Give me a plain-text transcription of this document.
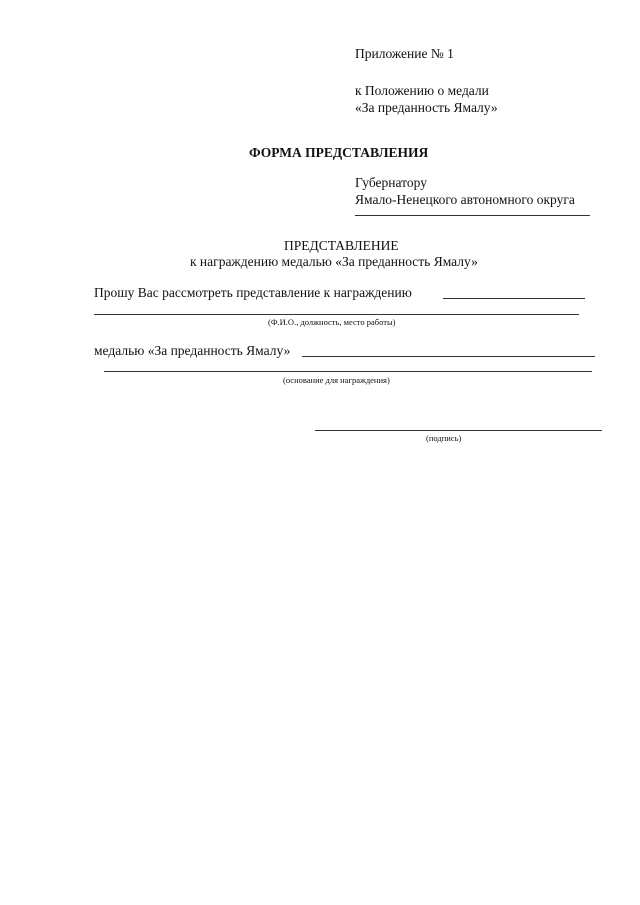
Приложение № 1
к Положению о медали
«За преданность Ямалу»
ФОРМА ПРЕДСТАВЛЕНИЯ
Губернатору
Ямало-Ненецкого автономного округа
ПРЕДСТАВЛЕНИЕ
к награждению медалью «За преданность Ямалу»
Прошу Вас рассмотреть представление к награждению
(Ф.И.О., должность, место работы)
медалью «За преданность Ямалу»
(основание для награждения)
(подпись)
